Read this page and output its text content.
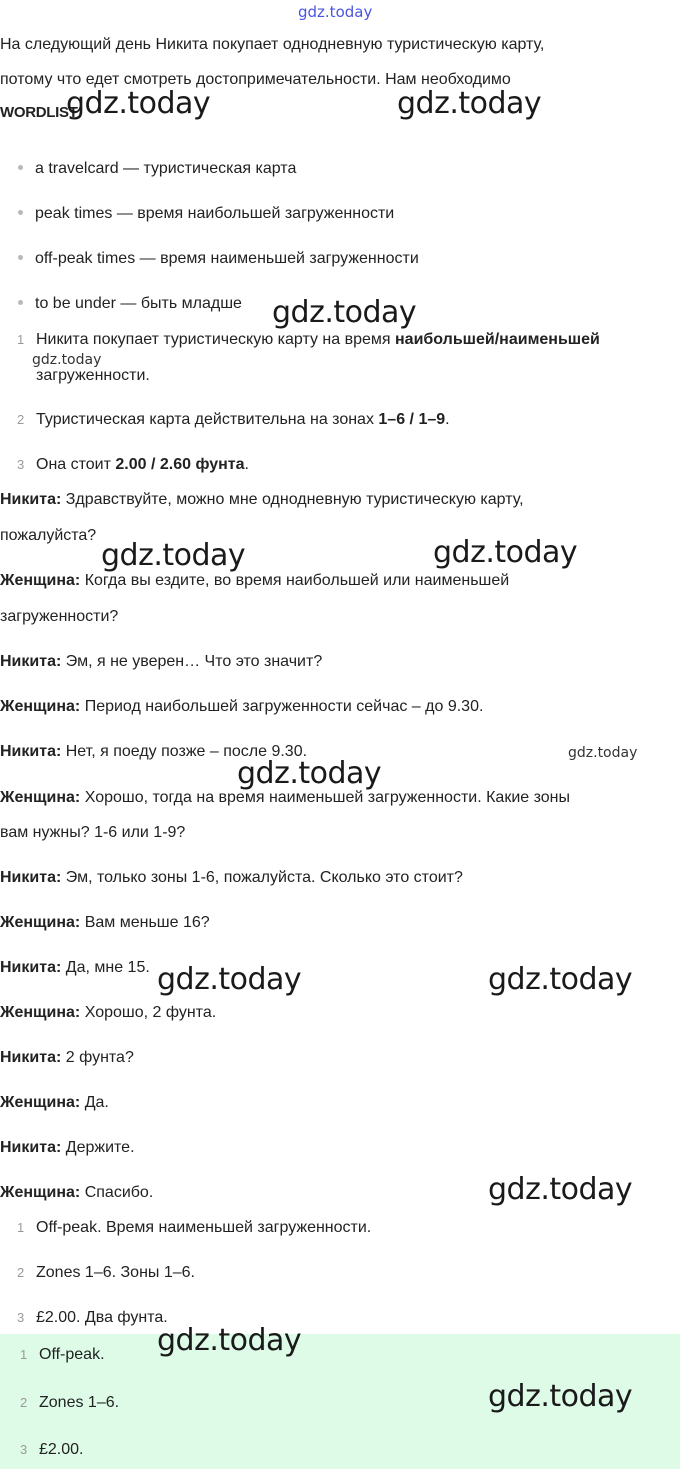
gdz.today
На следующий день Никита покупает однодневную туристическую карту,
потому что едет смотреть достопримечательности. Нам необходимо
WORDLIST
a travelcard — туристическая карта
peak times — время наибольшей загруженности
off-peak times — время наименьшей загруженности
to be under — быть младше
1 Никита покупает туристическую карту на время наибольшей/наименьшей
загруженности.
2 Туристическая карта действительна на зонах 1–6 / 1–9.
3 Она стоит 2.00 / 2.60 фунта.
Никита: Здравствуйте, можно мне однодневную туристическую карту,
пожалуйста?
Женщина: Когда вы ездите, во время наибольшей или наименьшей
загруженности?
Никита: Эм, я не уверен… Что это значит?
Женщина: Период наибольшей загруженности сейчас – до 9.30.
Никита: Нет, я поеду позже – после 9.30.
Женщина: Хорошо, тогда на время наименьшей загруженности. Какие зоны
вам нужны? 1-6 или 1-9?
Никита: Эм, только зоны 1-6, пожалуйста. Сколько это стоит?
Женщина: Вам меньше 16?
Никита: Да, мне 15.
Женщина: Хорошо, 2 фунта.
Никита: 2 фунта?
Женщина: Да.
Никита: Держите.
Женщина: Спасибо.
1 Off-peak. Время наименьшей загруженности.
2 Zones 1–6. Зоны 1–6.
3 £2.00. Два фунта.
1 Off-peak.
2 Zones 1–6.
3 £2.00.
gdz.today	gdz.today
gdz.today
gdz.today
gdz.today	gdz.today
gdz.today
gdz.today
gdz.today	gdz.today
gdz.today
gdz.today
gdz.today
